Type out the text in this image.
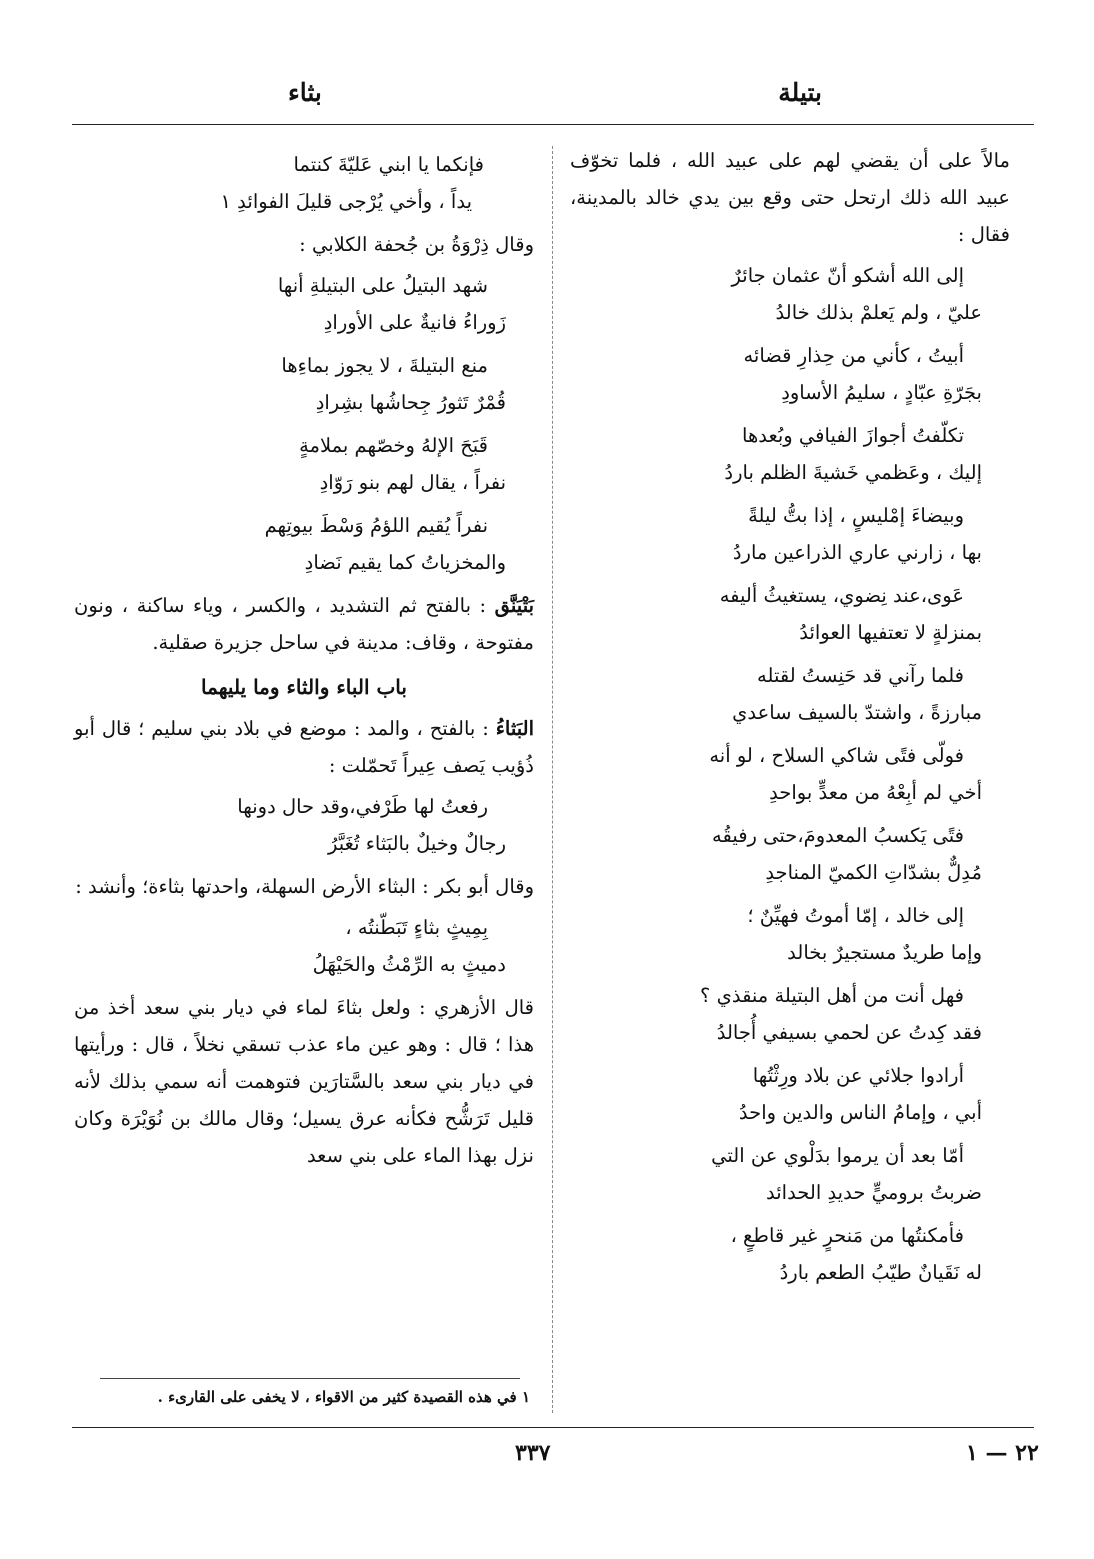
بتيلة
بثاء

مالاً على أن يقضي لهم على عبيد الله ، فلما تخوّف عبيد الله ذلك ارتحل حتى وقع بين يدي خالد بالمدينة، فقال :

إلى الله أشكو أنّ عثمان جائرٌ
عليّ ، ولم يَعلمْ بذلك خالدُ
أبيتُ ، كأني من حِذارِ قضائه
بجَرّةِ عبّادٍ ، سليمُ الأساودِ
تكلّفتُ أجوازَ الفيافي وبُعدها
إليك ، وعَظمي خَشيةَ الظلم باردُ
وبيضاءَ إمْليسٍ ، إذا بتُّ ليلةً
بها ، زارني عاري الذراعين ماردُ
عَوى،عند نِضوي، يستغيثُ أليفه
بمنزلةٍ لا تعتفيها العوائدُ
فلما رآني قد حَنِستُ لقتله
مبارزةً ، واشتدّ بالسيف ساعدي
فولّى فتًى شاكي السلاح ، لو أنه
أخي لم أبِعْهُ من معدٍّ بواحدِ
فتًى يَكسبُ المعدومَ،حتى رفيقُه
مُدِلٌّ بشدّاتِ الكميّ المناجدِ
إلى خالد ، إمّا أموتُ فهيِّنٌ ؛
وإما طريدٌ مستجيرٌ بخالد
فهل أنت من أهل البتيلة منقذي ؟
فقد كِدتُ عن لحمي بسيفي أُجالدُ
أرادوا جلائي عن بلاد ورِثْتُها
أبي ، وإمامُ الناس والدين واحدُ
أمّا بعد أن يرموا بدَلْوي عن التي
ضربتُ بروميٍّ حديدِ الحدائد
فأمكنتُها من مَنحرٍ غير قاطعٍ ،
له نَقَيانٌ طيّبُ الطعم باردُ
فإنكما يا ابني عَليّةَ كنتما
يداً ، وأخي يُرْجى قليلَ الفوائدِ ١

وقال ذِرْوَةُ بن جُحفة الكلابي :

شهد البتيلُ على البتيلةِ أنها
زَوراءُ فانيةٌ على الأورادِ
منع البتيلةَ ، لا يجوز بماءِها
قُمْرٌ تَثورُ جِحاشُها بشِرادِ
قَبَحَ الإلهُ وخصّهم بملامةٍ
نفراً ، يقال لهم بنو رَوّادِ
نفراً يُقيم اللؤمُ وَسْطَ بيوتِهم
والمخزياتُ كما يقيم نَضادِ

بَتْيَنَّق : بالفتح ثم التشديد ، والكسر ، وياء ساكنة ، ونون مفتوحة ، وقاف: مدينة في ساحل جزيرة صقلية.

باب الباء والثاء وما يليهما

البَثاءُ : بالفتح ، والمد : موضع في بلاد بني سليم ؛ قال أبو ذُؤيب يَصف عِيراً تَحمّلت :

رفعتُ لها طَرْفي،وقد حال دونها
رجالٌ وخيلٌ بالبَثاء تُغَبَّرُ

وقال أبو بكر : البثاء الأرض السهلة، واحدتها بثاءة؛ وأنشد :

بِمِيثٍ بثاءٍ تَبَطّنتُه ،
دميثٍ به الرِّمْثُ والحَيْهَلُ

قال الأزهري : ولعل بثاءَ لماء في ديار بني سعد أخذ من هذا ؛ قال : وهو عين ماء عذب تسقي نخلاً ، قال : ورأيتها في ديار بني سعد بالسَّتارَين فتوهمت أنه سمي بذلك لأنه قليل تَرَشُّح فكأنه عرق يسيل؛ وقال مالك بن نُوَيْرَة وكان نزل بهذا الماء على بني سعد

١ في هذه القصيدة كثير من الاقواء ، لا يخفى على القارىء .
٣٣٧	٢٢ — ١
